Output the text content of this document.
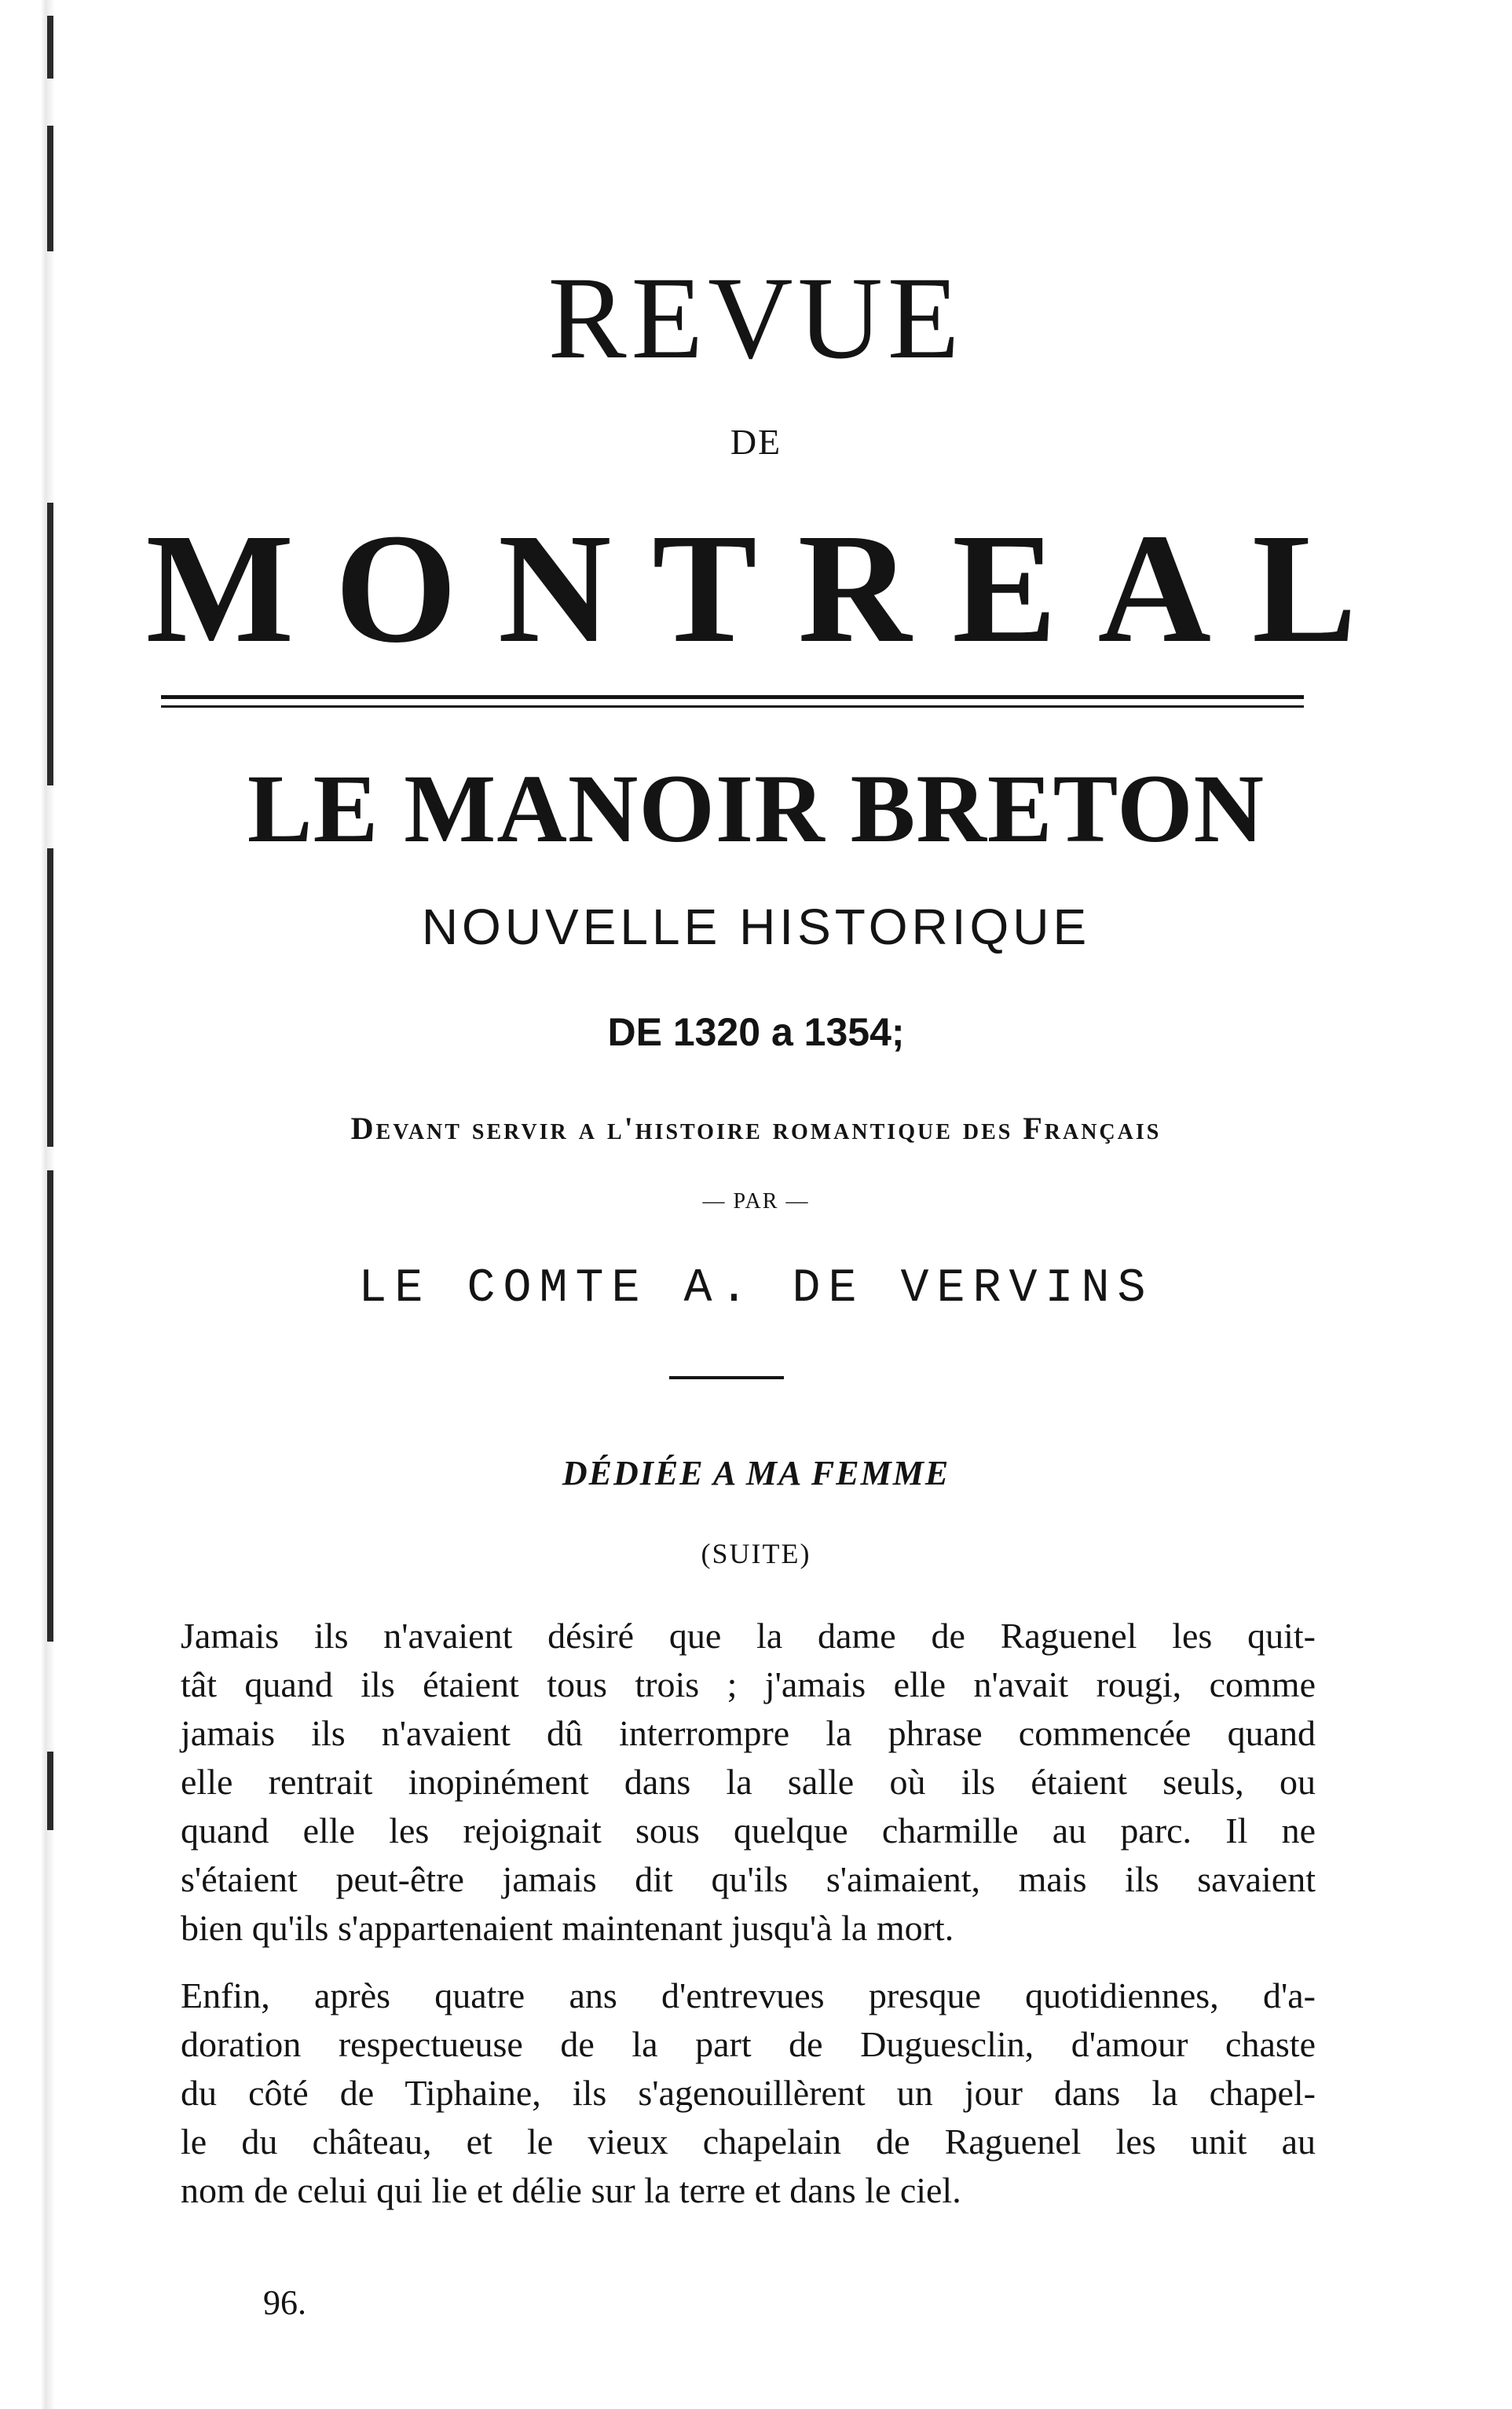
REVUE
DE
MONTREAL
LE MANOIR BRETON
NOUVELLE HISTORIQUE
DE 1320 a 1354;
Devant servir a l'histoire romantique des Français
— PAR —
LE COMTE A. DE VERVINS
DÉDIÉE A MA FEMME
(SUITE)

Jamais ils n'avaient désiré que la dame de Raguenel les quit-
tât quand ils étaient tous trois ; j'amais elle n'avait rougi, comme
jamais ils n'avaient dû interrompre la phrase commencée quand
elle rentrait inopinément dans la salle où ils étaient seuls, ou
quand elle les rejoignait sous quelque charmille au parc. Il ne
s'étaient peut-être jamais dit qu'ils s'aimaient, mais ils savaient
bien qu'ils s'appartenaient maintenant jusqu'à la mort.

Enfin, après quatre ans d'entrevues presque quotidiennes, d'a-
doration respectueuse de la part de Duguesclin, d'amour chaste
du côté de Tiphaine, ils s'agenouillèrent un jour dans la chapel-
le du château, et le vieux chapelain de Raguenel les unit au
nom de celui qui lie et délie sur la terre et dans le ciel.

96.
